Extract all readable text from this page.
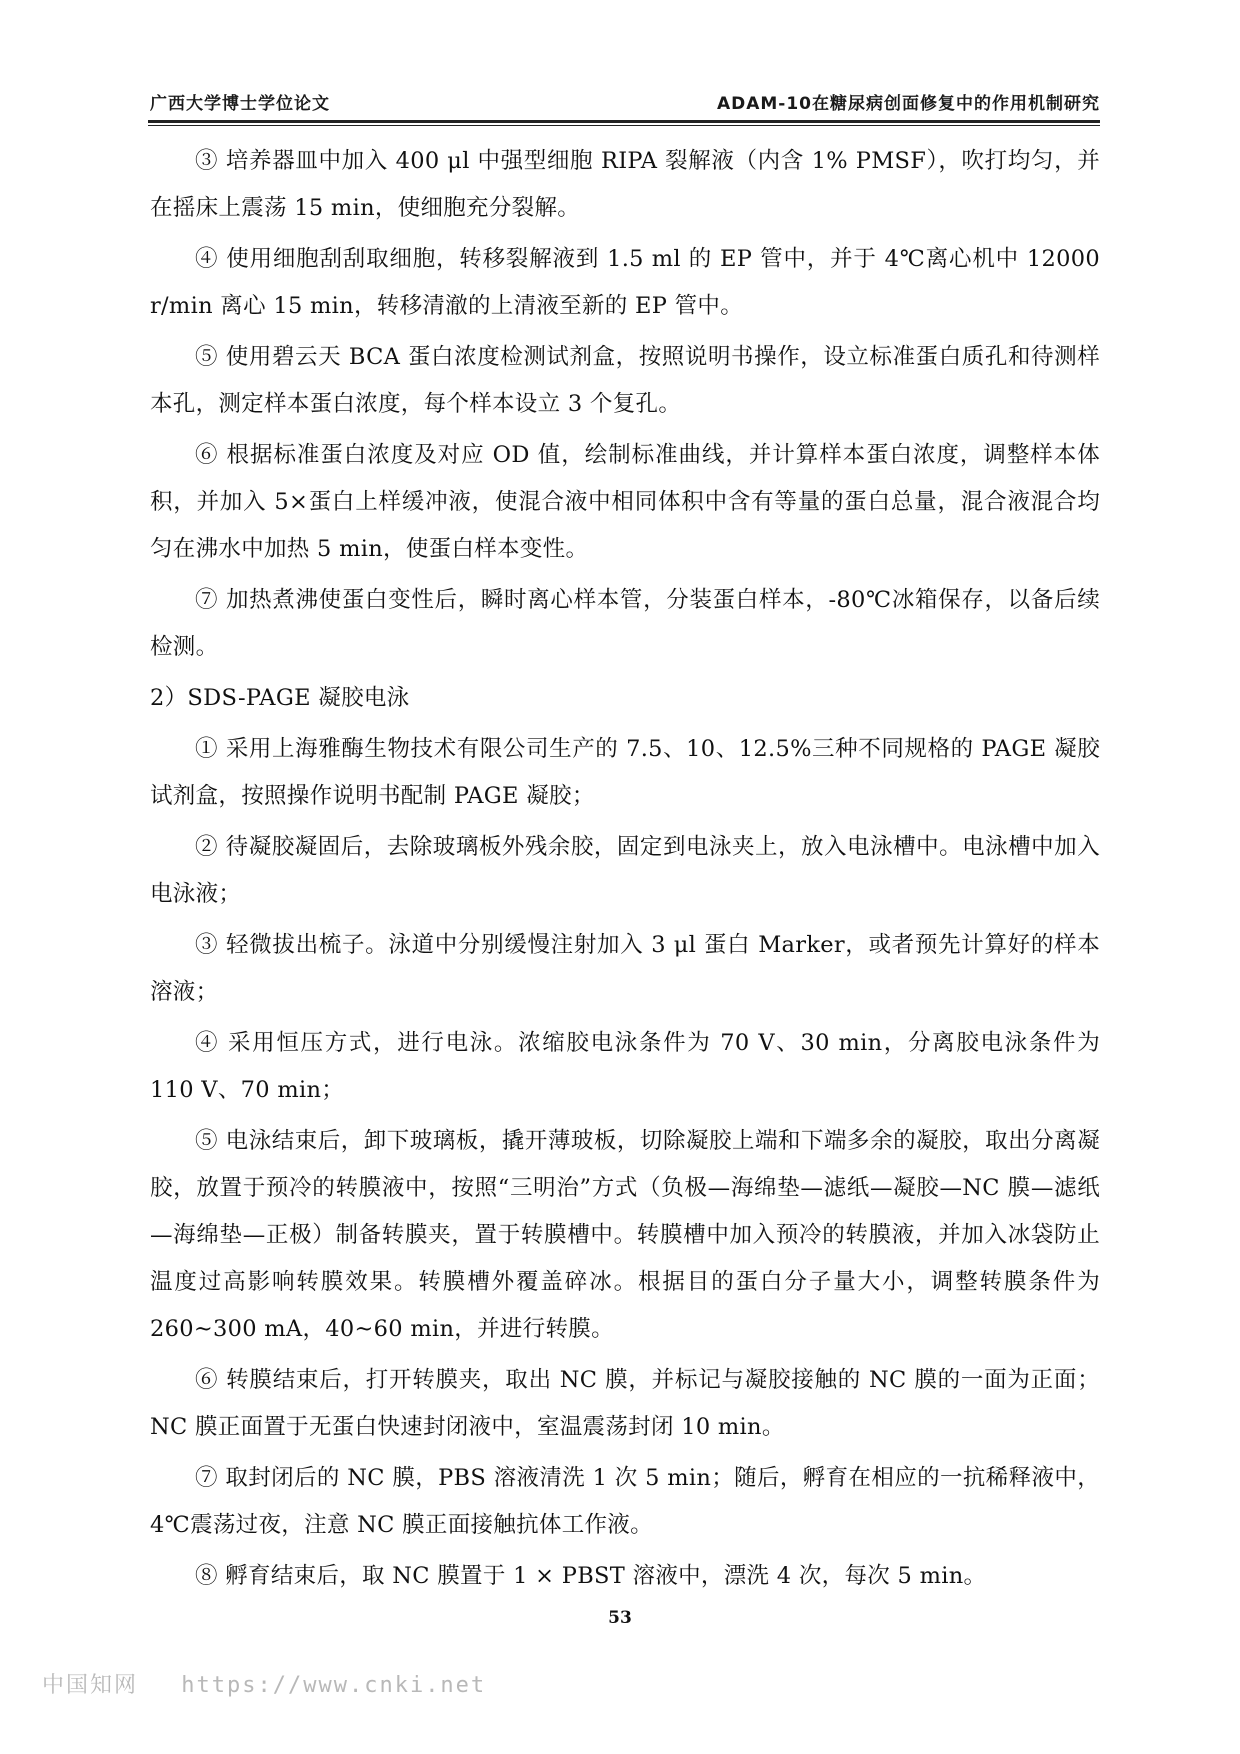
广西大学博士学位论文	ADAM-10在糖尿病创面修复中的作用机制研究

③ 培养器皿中加入 400 μl 中强型细胞 RIPA 裂解液（内含 1% PMSF），吹打均匀，并在摇床上震荡 15 min，使细胞充分裂解。

④ 使用细胞刮刮取细胞，转移裂解液到 1.5 ml 的 EP 管中，并于 4℃离心机中 12000 r/min 离心 15 min，转移清澈的上清液至新的 EP 管中。

⑤ 使用碧云天 BCA 蛋白浓度检测试剂盒，按照说明书操作，设立标准蛋白质孔和待测样本孔，测定样本蛋白浓度，每个样本设立 3 个复孔。

⑥ 根据标准蛋白浓度及对应 OD 值，绘制标准曲线，并计算样本蛋白浓度，调整样本体积，并加入 5×蛋白上样缓冲液，使混合液中相同体积中含有等量的蛋白总量，混合液混合均匀在沸水中加热 5 min，使蛋白样本变性。

⑦ 加热煮沸使蛋白变性后，瞬时离心样本管，分装蛋白样本，-80℃冰箱保存，以备后续检测。

2）SDS-PAGE 凝胶电泳

① 采用上海雅酶生物技术有限公司生产的 7.5、10、12.5%三种不同规格的 PAGE 凝胶试剂盒，按照操作说明书配制 PAGE 凝胶；

② 待凝胶凝固后，去除玻璃板外残余胶，固定到电泳夹上，放入电泳槽中。电泳槽中加入电泳液；

③ 轻微拔出梳子。泳道中分别缓慢注射加入 3 μl 蛋白 Marker，或者预先计算好的样本溶液；

④ 采用恒压方式，进行电泳。浓缩胶电泳条件为 70 V、30 min，分离胶电泳条件为 110 V、70 min；

⑤ 电泳结束后，卸下玻璃板，撬开薄玻板，切除凝胶上端和下端多余的凝胶，取出分离凝胶，放置于预冷的转膜液中，按照“三明治”方式（负极—海绵垫—滤纸—凝胶—NC 膜—滤纸—海绵垫—正极）制备转膜夹，置于转膜槽中。转膜槽中加入预冷的转膜液，并加入冰袋防止温度过高影响转膜效果。转膜槽外覆盖碎冰。根据目的蛋白分子量大小，调整转膜条件为 260~300 mA，40~60 min，并进行转膜。

⑥ 转膜结束后，打开转膜夹，取出 NC 膜，并标记与凝胶接触的 NC 膜的一面为正面；NC 膜正面置于无蛋白快速封闭液中，室温震荡封闭 10 min。

⑦ 取封闭后的 NC 膜，PBS 溶液清洗 1 次 5 min；随后，孵育在相应的一抗稀释液中，4℃震荡过夜，注意 NC 膜正面接触抗体工作液。

⑧ 孵育结束后，取 NC 膜置于 1 × PBST 溶液中，漂洗 4 次，每次 5 min。

53
中国知网 https://www.cnki.net
